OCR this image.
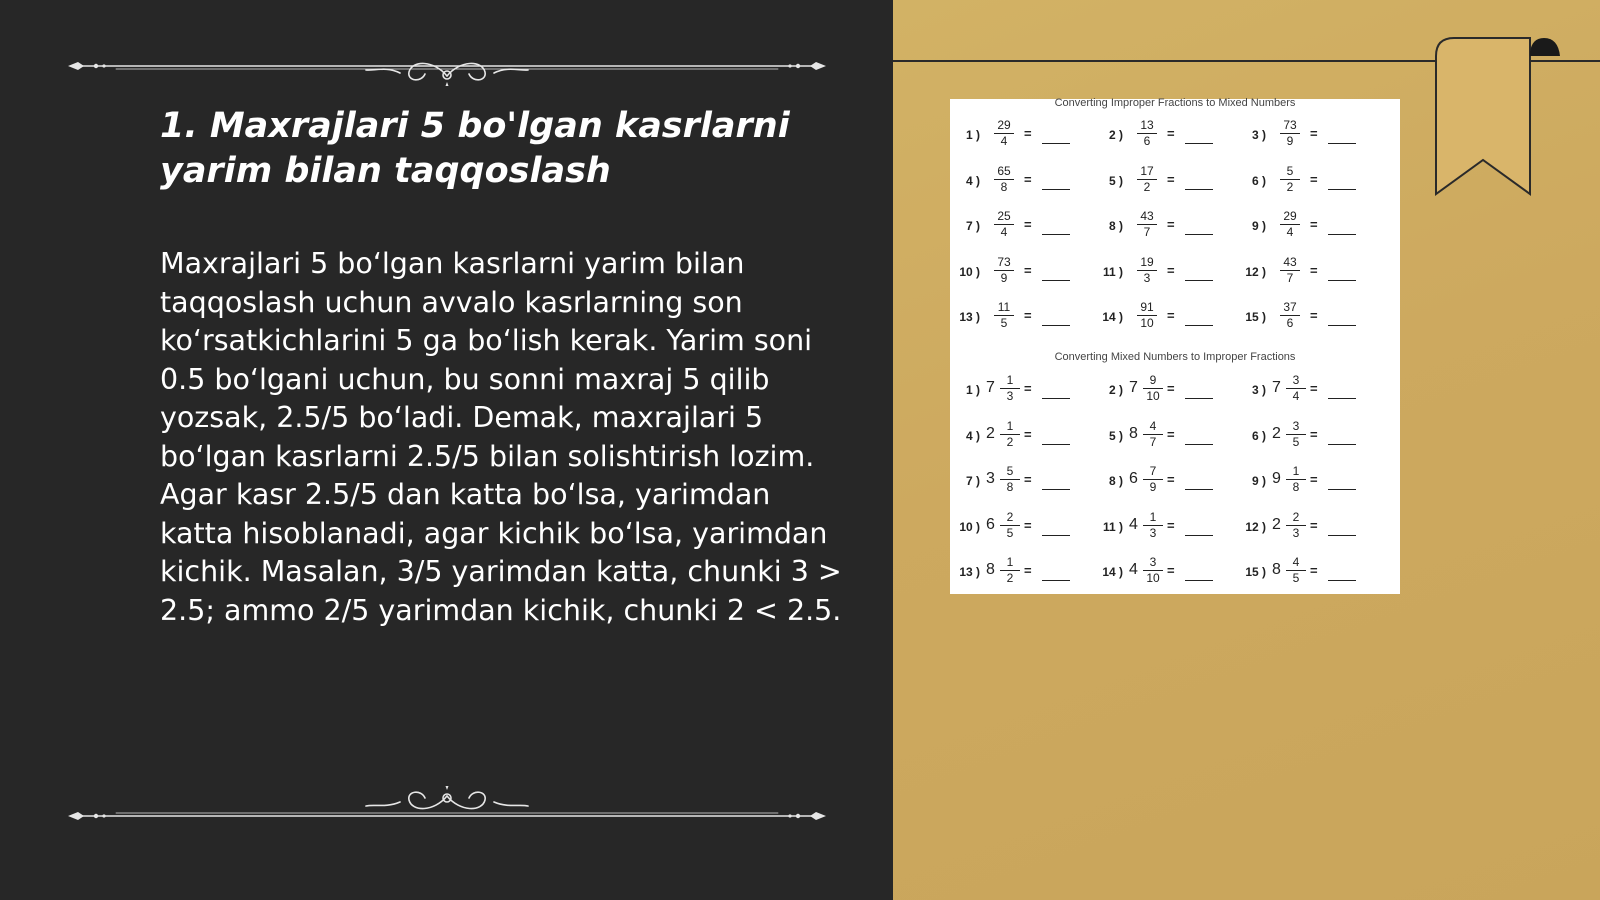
1. Maxrajlari 5 bo'lgan kasrlarni yarim bilan taqqoslash

Maxrajlari 5 bo‘lgan kasrlarni yarim bilan taqqoslash uchun avvalo kasrlarning son ko‘rsatkichlarini 5 ga bo‘lish kerak. Yarim soni 0.5 bo‘lgani uchun, bu sonni maxraj 5 qilib yozsak, 2.5/5 bo‘ladi. Demak, maxrajlari 5 bo‘lgan kasrlarni 2.5/5 bilan solishtirish lozim. Agar kasr 2.5/5 dan katta bo‘lsa, yarimdan katta hisoblanadi, agar kichik bo‘lsa, yarimdan kichik. Masalan, 3/5 yarimdan katta, chunki 3 > 2.5; ammo 2/5 yarimdan kichik, chunki 2 < 2.5.

Converting Improper Fractions to Mixed Numbers
1 ) $\frac{29}{4}$ =	2 ) $\frac{13}{6}$ =	3 ) $\frac{73}{9}$ =
4 ) $\frac{65}{8}$ =	5 ) $\frac{17}{2}$ =	6 ) $\frac{5}{2}$ =
7 ) $\frac{25}{4}$ =	8 ) $\frac{43}{7}$ =	9 ) $\frac{29}{4}$ =
10 ) $\frac{73}{9}$ =	11 ) $\frac{19}{3}$ =	12 ) $\frac{43}{7}$ =
13 ) $\frac{11}{5}$ =	14 ) $\frac{91}{10}$ =	15 ) $\frac{37}{6}$ =
Converting Mixed Numbers to Improper Fractions
1 ) $7 \frac{1}{3}$ =	2 ) $7 \frac{9}{10}$ =	3 ) $7 \frac{3}{4}$ =
4 ) $2 \frac{1}{2}$ =	5 ) $8 \frac{4}{7}$ =	6 ) $2 \frac{3}{5}$ =
7 ) $3 \frac{5}{8}$ =	8 ) $6 \frac{7}{9}$ =	9 ) $9 \frac{1}{8}$ =
10 ) $6 \frac{2}{5}$ =	11 ) $4 \frac{1}{3}$ =	12 ) $2 \frac{2}{3}$ =
13 ) $8 \frac{1}{2}$ =	14 ) $4 \frac{3}{10}$ =	15 ) $8 \frac{4}{5}$ =
